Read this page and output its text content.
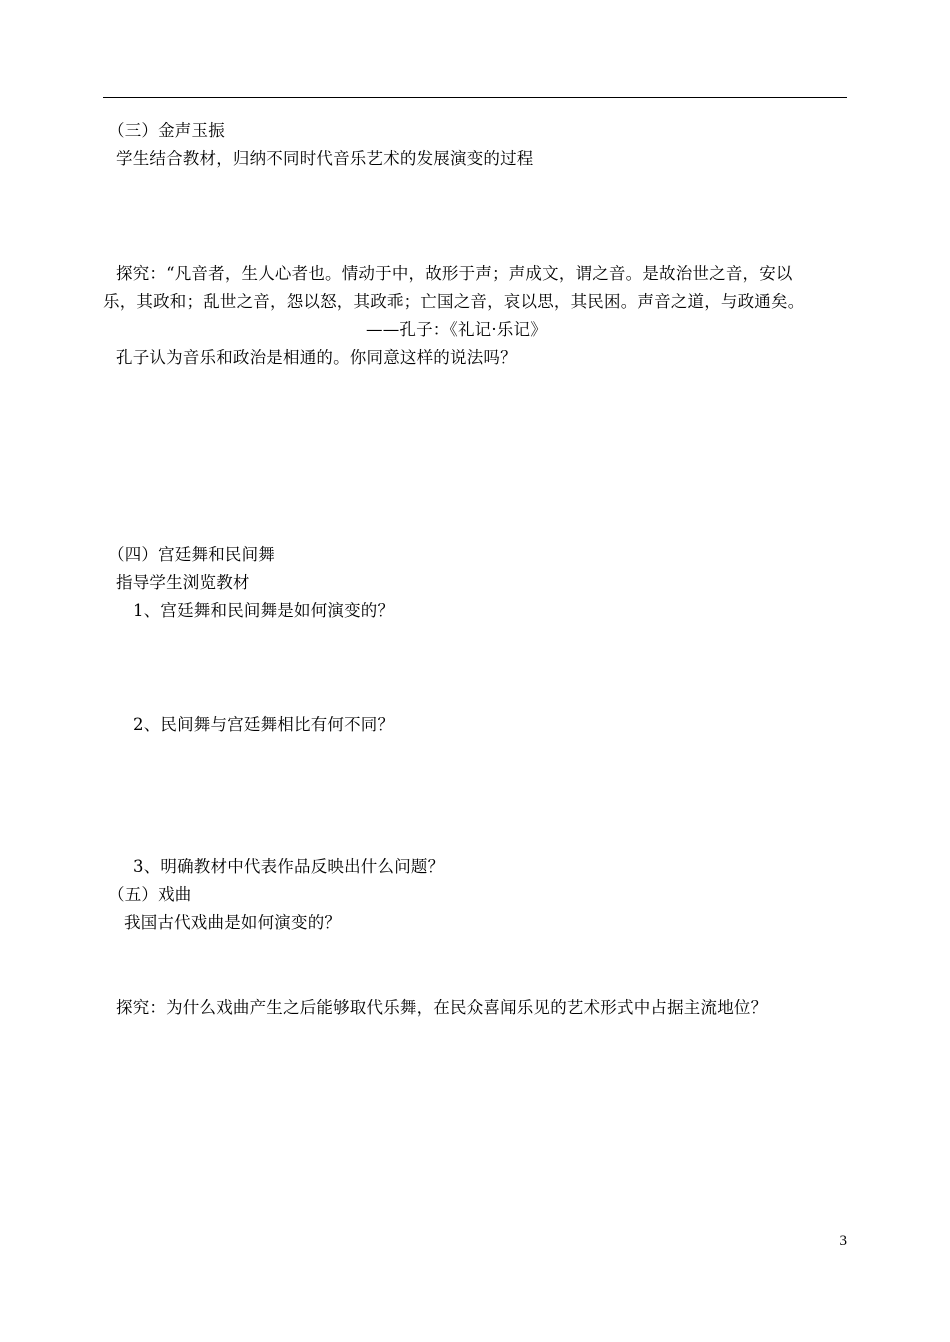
（三）金声玉振
学生结合教材，归纳不同时代音乐艺术的发展演变的过程
探究：“凡音者，生人心者也。情动于中，故形于声；声成文，谓之音。是故治世之音，安以
乐，其政和；乱世之音，怨以怒，其政乖；亡国之音，哀以思，其民困。声音之道，与政通矣。
——孔子：《礼记·乐记》
孔子认为音乐和政治是相通的。你同意这样的说法吗？
（四）宫廷舞和民间舞
指导学生浏览教材
1、宫廷舞和民间舞是如何演变的？
2、民间舞与宫廷舞相比有何不同？
3、明确教材中代表作品反映出什么问题？
（五）戏曲
我国古代戏曲是如何演变的？
探究：为什么戏曲产生之后能够取代乐舞，在民众喜闻乐见的艺术形式中占据主流地位？
3
